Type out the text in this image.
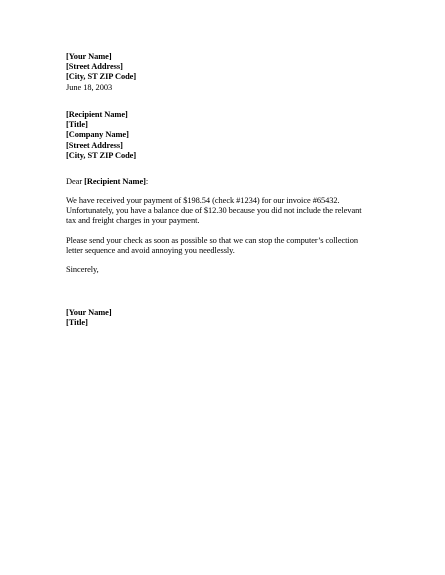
[Your Name]
[Street Address]
[City, ST ZIP Code]
June 18, 2003
[Recipient Name]
[Title]
[Company Name]
[Street Address]
[City, ST ZIP Code]
Dear [Recipient Name]:
We have received your payment of $198.54 (check #1234) for our invoice #65432.
Unfortunately, you have a balance due of $12.30 because you did not include the relevant
tax and freight charges in your payment.
Please send your check as soon as possible so that we can stop the computer’s collection
letter sequence and avoid annoying you needlessly.
Sincerely,
[Your Name]
[Title]
